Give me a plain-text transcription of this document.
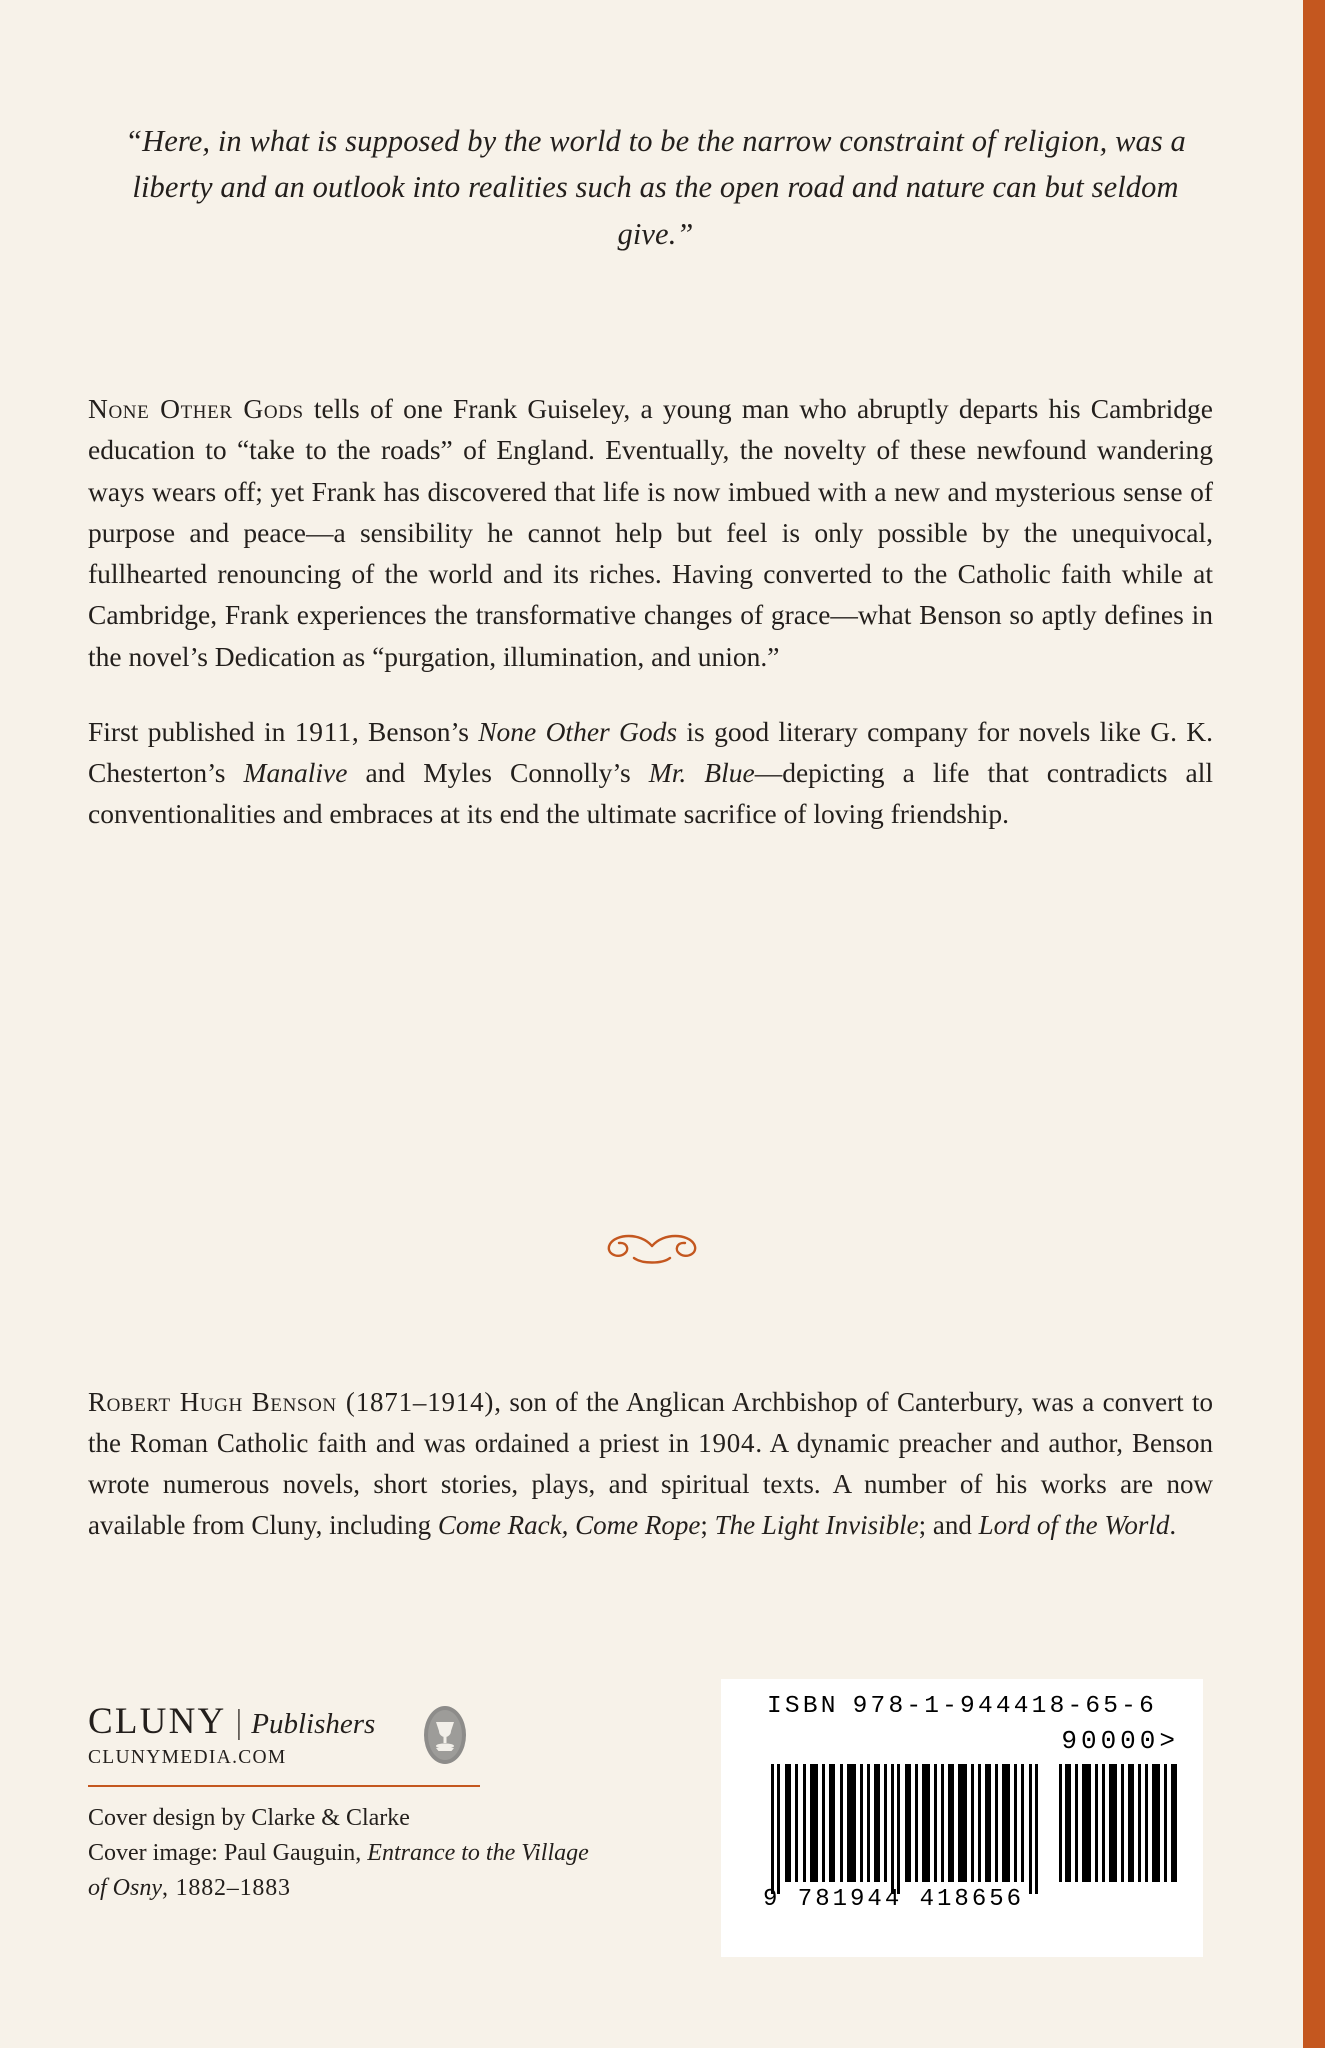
“Here, in what is supposed by the world to be the narrow constraint of religion, was a liberty and an outlook into realities such as the open road and nature can but seldom give.”

None Other Gods tells of one Frank Guiseley, a young man who abruptly departs his Cambridge education to “take to the roads” of England. Eventually, the novelty of these newfound wandering ways wears off; yet Frank has discovered that life is now imbued with a new and mysterious sense of purpose and peace—a sensibility he cannot help but feel is only possible by the unequivocal, fullhearted renouncing of the world and its riches. Having converted to the Catholic faith while at Cambridge, Frank experiences the transformative changes of grace—what Benson so aptly defines in the novel’s Dedication as “purgation, illumination, and union.”

First published in 1911, Benson’s None Other Gods is good literary company for novels like G. K. Chesterton’s Manalive and Myles Connolly’s Mr. Blue—depicting a life that contradicts all conventionalities and embraces at its end the ultimate sacrifice of loving friendship.

Robert Hugh Benson (1871–1914), son of the Anglican Archbishop of Canterbury, was a convert to the Roman Catholic faith and was ordained a priest in 1904. A dynamic preacher and author, Benson wrote numerous novels, short stories, plays, and spiritual texts. A number of his works are now available from Cluny, including Come Rack, Come Rope; The Light Invisible; and Lord of the World.
CLUNY | Publishers
CLUNYMEDIA.COM
Cover design by Clarke & Clarke
Cover image: Paul Gauguin, Entrance to the Village of Osny, 1882–1883
ISBN 978-1-944418-65-6
90000>
9 781944 418656
